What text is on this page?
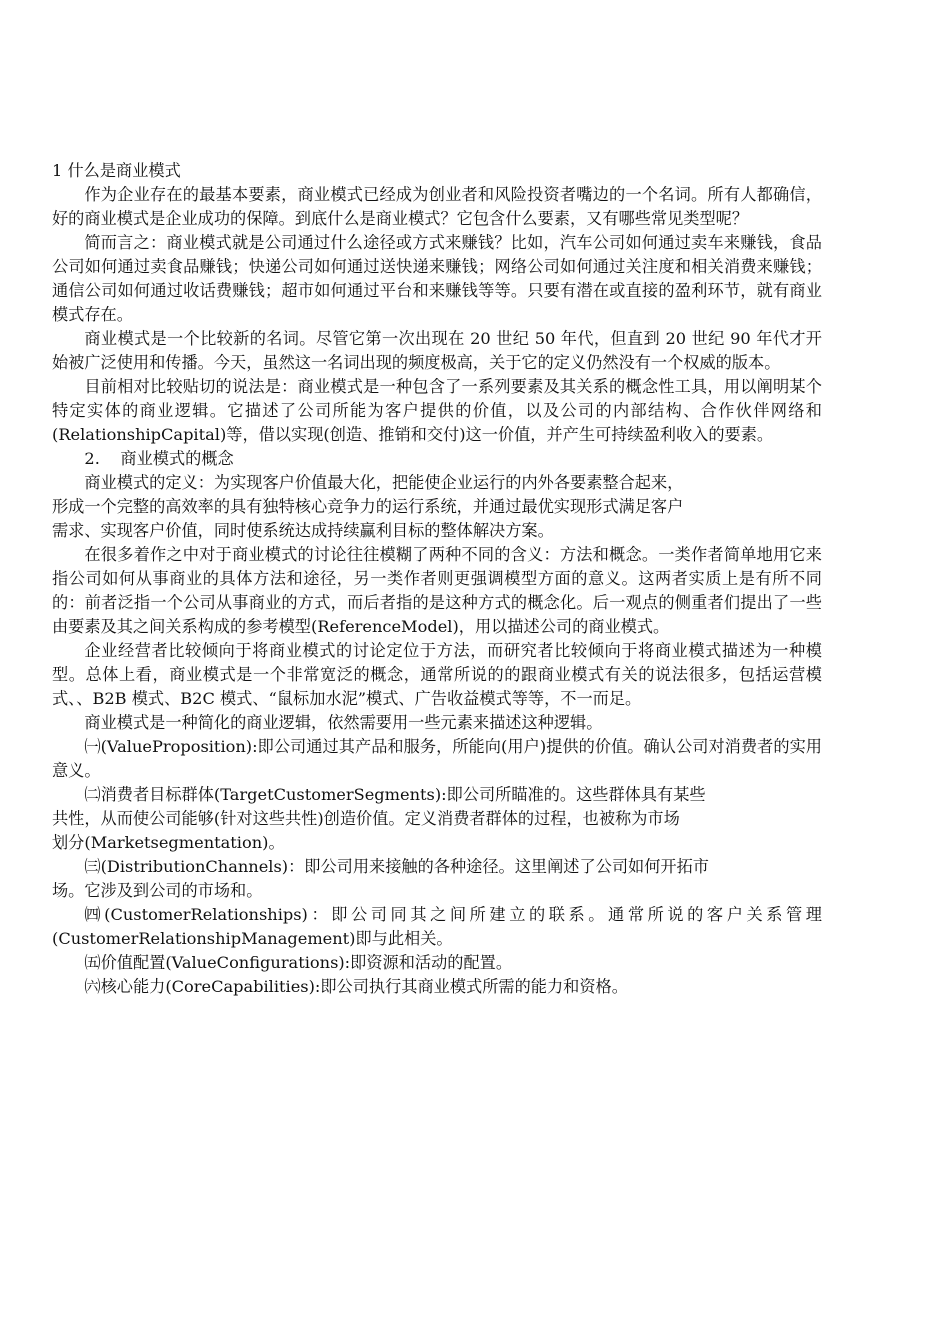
1 什么是商业模式

作为企业存在的最基本要素，商业模式已经成为创业者和风险投资者嘴边的一个名词。所有人都确信，好的商业模式是企业成功的保障。到底什么是商业模式？它包含什么要素，又有哪些常见类型呢？

简而言之：商业模式就是公司通过什么途径或方式来赚钱？比如，汽车公司如何通过卖车来赚钱，食品公司如何通过卖食品赚钱；快递公司如何通过送快递来赚钱；网络公司如何通过关注度和相关消费来赚钱；通信公司如何通过收话费赚钱；超市如何通过平台和来赚钱等等。只要有潜在或直接的盈利环节，就有商业模式存在。

商业模式是一个比较新的名词。尽管它第一次出现在 20 世纪 50 年代，但直到 20 世纪 90 年代才开始被广泛使用和传播。今天，虽然这一名词出现的频度极高，关于它的定义仍然没有一个权威的版本。

目前相对比较贴切的说法是：商业模式是一种包含了一系列要素及其关系的概念性工具，用以阐明某个特定实体的商业逻辑。它描述了公司所能为客户提供的价值，以及公司的内部结构、合作伙伴网络和(RelationshipCapital)等，借以实现(创造、推销和交付)这一价值，并产生可持续盈利收入的要素。

2.    商业模式的概念

商业模式的定义：为实现客户价值最大化，把能使企业运行的内外各要素整合起来，
形成一个完整的高效率的具有独特核心竞争力的运行系统，并通过最优实现形式满足客户
需求、实现客户价值，同时使系统达成持续赢利目标的整体解决方案。

在很多着作之中对于商业模式的讨论往往模糊了两种不同的含义：方法和概念。一类作者简单地用它来指公司如何从事商业的具体方法和途径，另一类作者则更强调模型方面的意义。这两者实质上是有所不同的：前者泛指一个公司从事商业的方式，而后者指的是这种方式的概念化。后一观点的侧重者们提出了一些由要素及其之间关系构成的参考模型(ReferenceModel)，用以描述公司的商业模式。

企业经营者比较倾向于将商业模式的讨论定位于方法，而研究者比较倾向于将商业模式描述为一种模型。总体上看，商业模式是一个非常宽泛的概念，通常所说的的跟商业模式有关的说法很多，包括运营模式、、B2B 模式、B2C 模式、“鼠标加水泥”模式、广告收益模式等等，不一而足。

商业模式是一种简化的商业逻辑，依然需要用一些元素来描述这种逻辑。

㈠(ValueProposition):即公司通过其产品和服务，所能向(用户)提供的价值。确认公司对消费者的实用意义。

㈡消费者目标群体(TargetCustomerSegments):即公司所瞄准的。这些群体具有某些
共性，从而使公司能够(针对这些共性)创造价值。定义消费者群体的过程，也被称为市场
划分(Marketsegmentation)。
㈢(DistributionChannels)：即公司用来接触的各种途径。这里阐述了公司如何开拓市
场。它涉及到公司的市场和。

㈣(CustomerRelationships)：即公司同其之间所建立的联系。通常所说的客户关系管理(CustomerRelationshipManagement)即与此相关。

㈤价值配置(ValueConfigurations):即资源和活动的配置。

㈥核心能力(CoreCapabilities):即公司执行其商业模式所需的能力和资格。
